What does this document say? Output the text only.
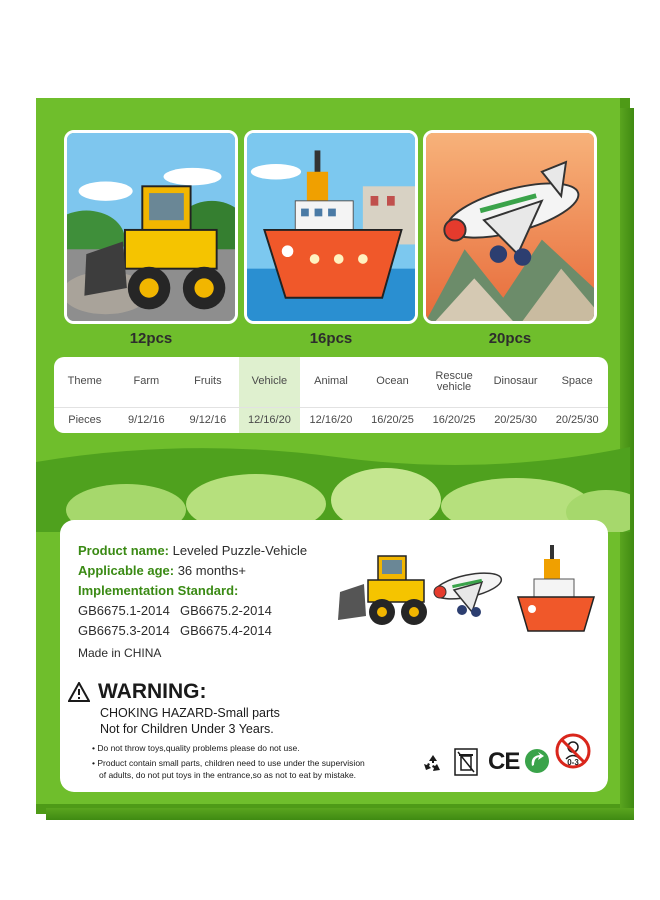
12pcs	16pcs	20pcs
Theme	Farm	Fruits	Vehicle	Animal	Ocean	Rescue vehicle	Dinosaur	Space
Pieces	9/12/16	9/12/16	12/16/20	12/16/20	16/20/25	16/20/25	20/25/30	20/25/30
Product name: Leveled Puzzle-Vehicle
Applicable age: 36 months+
Implementation Standard:
GB6675.1-2014 GB6675.2-2014
GB6675.3-2014 GB6675.4-2014
Made in CHINA
WARNING:
CHOKING HAZARD-Small parts
Not for Children Under 3 Years.
• Do not throw toys,quality problems please do not use.
• Product contain small parts, children need to use under the supervision
of adults, do not put toys in the entrance,so as not to eat by mistake.	CE	0-3
